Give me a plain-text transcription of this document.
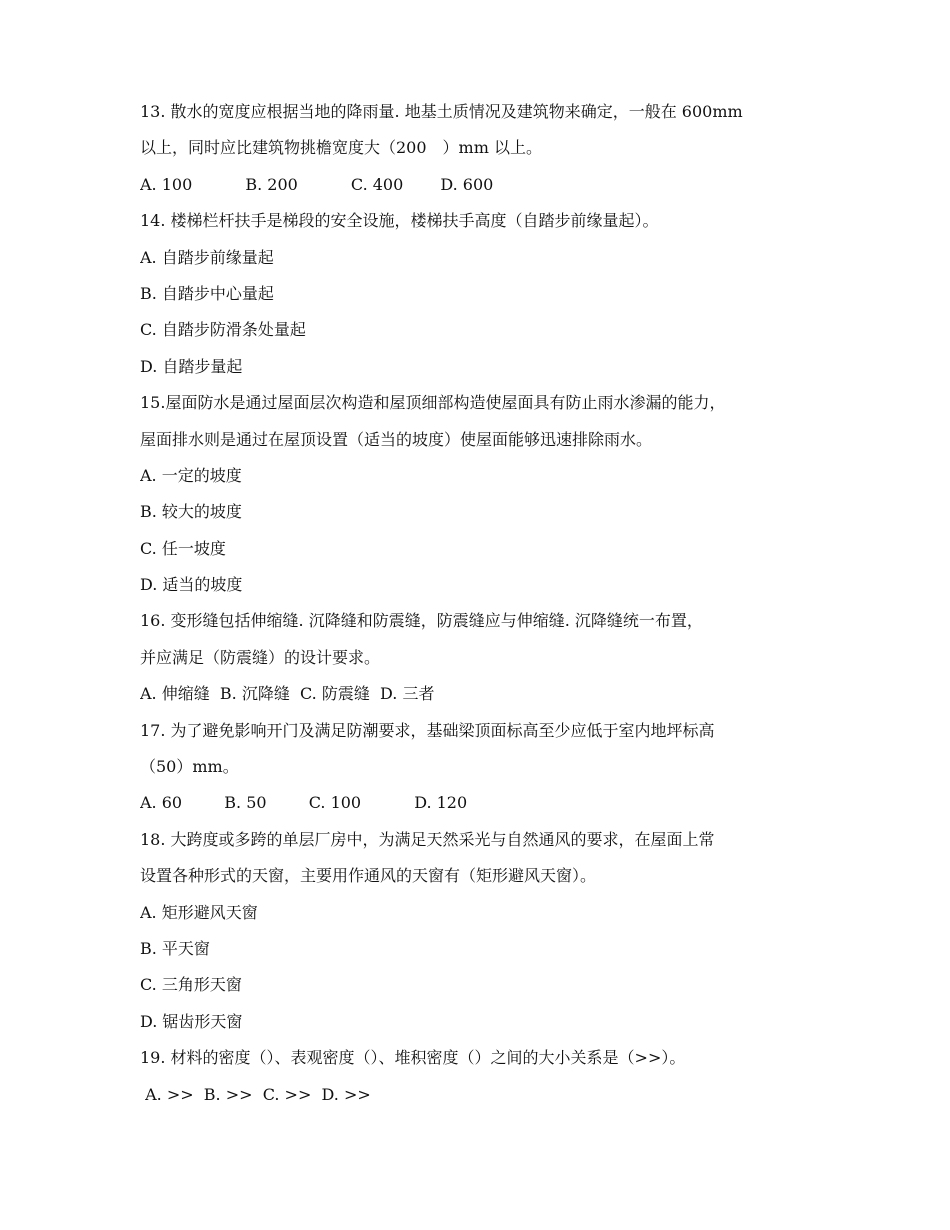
13. 散水的宽度应根据当地的降雨量. 地基土质情况及建筑物来确定，一般在 600mm
以上，同时应比建筑物挑檐宽度大（200　）mm 以上。
A. 100　　　 B. 200　　　 C. 400　　 D. 600
14. 楼梯栏杆扶手是梯段的安全设施，楼梯扶手高度（自踏步前缘量起）。
A. 自踏步前缘量起
B. 自踏步中心量起
C. 自踏步防滑条处量起
D. 自踏步量起
15.屋面防水是通过屋面层次构造和屋顶细部构造使屋面具有防止雨水渗漏的能力，
屋面排水则是通过在屋顶设置（适当的坡度）使屋面能够迅速排除雨水。
A. 一定的坡度
B. 较大的坡度
C. 任一坡度
D. 适当的坡度
16. 变形缝包括伸缩缝. 沉降缝和防震缝，防震缝应与伸缩缝. 沉降缝统一布置，
并应满足（防震缝）的设计要求。
A. 伸缩缝  B. 沉降缝  C. 防震缝  D. 三者
17. 为了避免影响开门及满足防潮要求，基础梁顶面标高至少应低于室内地坪标高
（50）mm。
A. 60　　  B. 50　　  C. 100　　　 D. 120
18. 大跨度或多跨的单层厂房中，为满足天然采光与自然通风的要求，在屋面上常
设置各种形式的天窗，主要用作通风的天窗有（矩形避风天窗）。
A. 矩形避风天窗
B. 平天窗
C. 三角形天窗
D. 锯齿形天窗
19. 材料的密度（）、表观密度（）、堆积密度（）之间的大小关系是（>>）。
A. >>  B. >>  C. >>  D. >>
